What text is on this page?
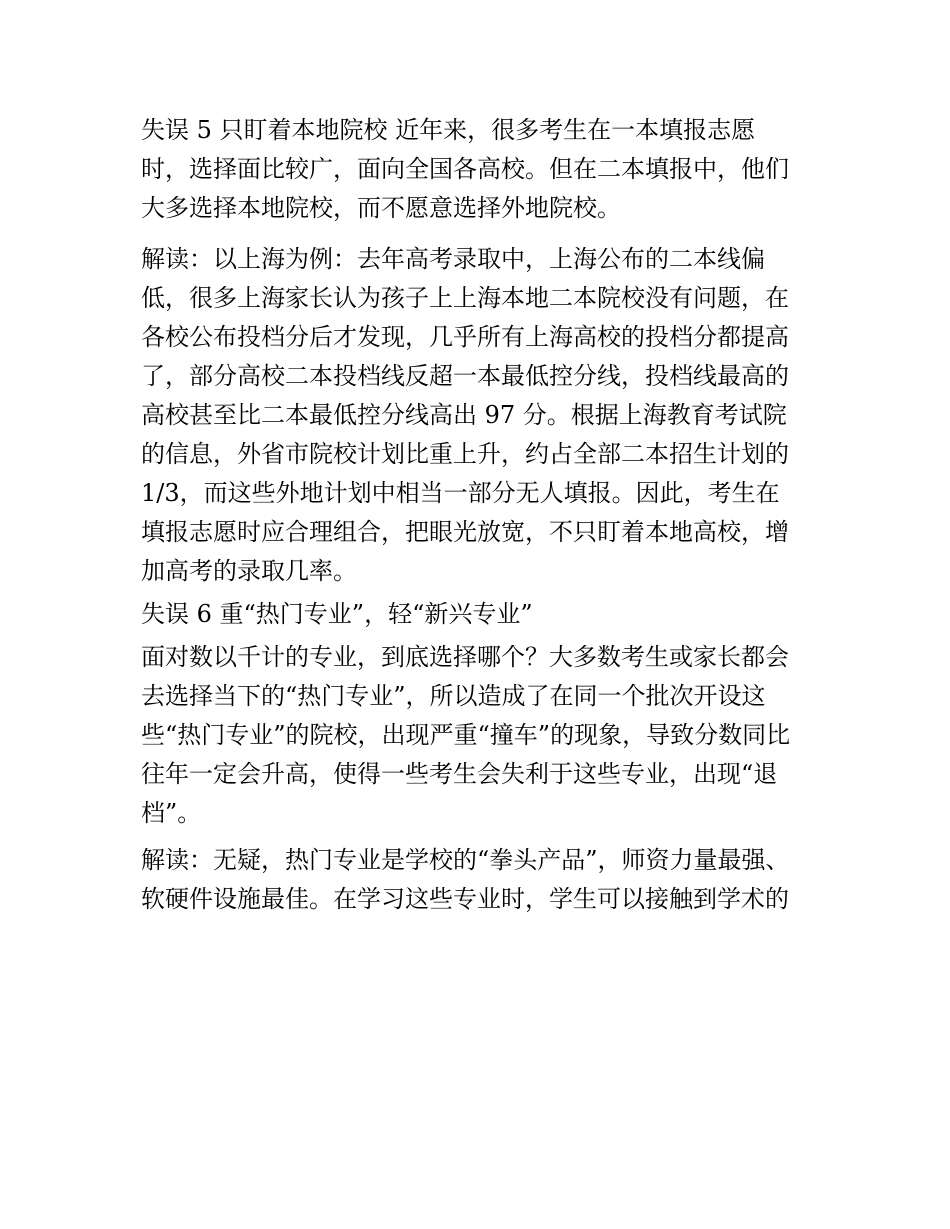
失误 5 只盯着本地院校 近年来，很多考生在一本填报志愿
时，选择面比较广，面向全国各高校。但在二本填报中，他们
大多选择本地院校，而不愿意选择外地院校。
解读：以上海为例：去年高考录取中，上海公布的二本线偏
低，很多上海家长认为孩子上上海本地二本院校没有问题，在
各校公布投档分后才发现，几乎所有上海高校的投档分都提高
了，部分高校二本投档线反超一本最低控分线，投档线最高的
高校甚至比二本最低控分线高出 97 分。根据上海教育考试院
的信息，外省市院校计划比重上升，约占全部二本招生计划的
1/3，而这些外地计划中相当一部分无人填报。因此，考生在
填报志愿时应合理组合，把眼光放宽，不只盯着本地高校，增
加高考的录取几率。
失误 6 重“热门专业”，轻“新兴专业”
面对数以千计的专业，到底选择哪个？大多数考生或家长都会
去选择当下的“热门专业”，所以造成了在同一个批次开设这
些“热门专业”的院校，出现严重“撞车”的现象，导致分数同比
往年一定会升高，使得一些考生会失利于这些专业，出现“退
档”。
解读：无疑，热门专业是学校的“拳头产品”，师资力量最强、
软硬件设施最佳。在学习这些专业时，学生可以接触到学术的
